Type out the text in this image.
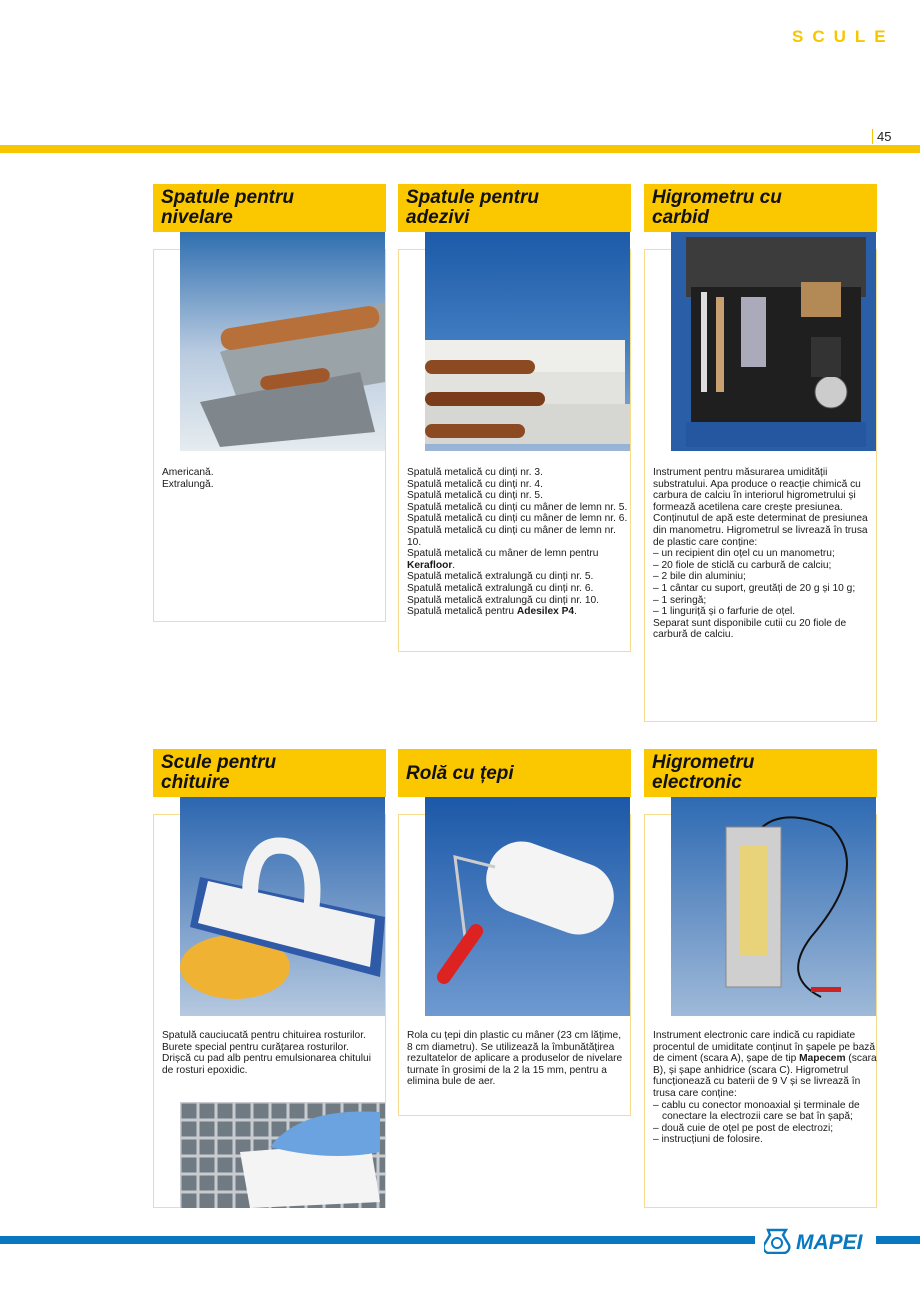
SCULE
45
Spatule pentru
nivelare

Americană.

Extralungă.

Spatule pentru
adezivi

Spatulă metalică cu dinți nr. 3.

Spatulă metalică cu dinți nr. 4.

Spatulă metalică cu dinți nr. 5.

Spatulă metalică cu dinți cu mâner de lemn nr. 5.

Spatulă metalică cu dinți cu mâner de lemn nr. 6.

Spatulă metalică cu dinți cu mâner de lemn nr. 10.

Spatulă metalică cu mâner de lemn pentru Kerafloor.

Spatulă metalică extralungă cu dinți nr. 5.

Spatulă metalică extralungă cu dinți nr. 6.

Spatulă metalică extralungă cu dinți nr. 10.

Spatulă metalică pentru Adesilex P4.

Higrometru cu
carbid

Instrument pentru măsurarea umidității substratului. Apa produce o reacție chimică cu carbura de calciu în interiorul higrometrului și formează acetilena care crește presiunea. Conținutul de apă este determinat de presiunea din manometru. Higrometrul se livrează în trusa de plastic care conține:

– un recipient din oțel cu un manometru;

– 20 fiole de sticlă cu carbură de calciu;

– 2 bile din aluminiu;

– 1 cântar cu suport, greutăți de 20 g și 10 g;

– 1 seringă;

– 1 linguriță și o farfurie de oțel.

Separat sunt disponibile cutii cu 20 fiole de carbură de calciu.

Scule pentru
chituire

Spatulă cauciucată pentru chituirea rosturilor.

Burete special pentru curățarea rosturilor.

Drișcă cu pad alb pentru emulsionarea chitului de rosturi epoxidic.

Rolă cu țepi

Rola cu țepi din plastic cu mâner (23 cm lățime, 8 cm diametru). Se utilizează la îmbunătățirea rezultatelor de aplicare a produselor de nivelare turnate în grosimi de la 2 la 15 mm, pentru a elimina bule de aer.

Higrometru
electronic

Instrument electronic care indică cu rapidiate procentul de umiditate conținut în șapele pe bază de ciment (scara A), șape de tip Mapecem (scara B), și șape anhidrice (scara C). Higrometrul funcționează cu baterii de 9 V și se livrează în trusa care conține:

– cablu cu conector monoaxial și terminale de conectare la electrozii care se bat în șapă;

– două cuie de oțel pe post de electrozi;

– instrucțiuni de folosire.

MAPEI
